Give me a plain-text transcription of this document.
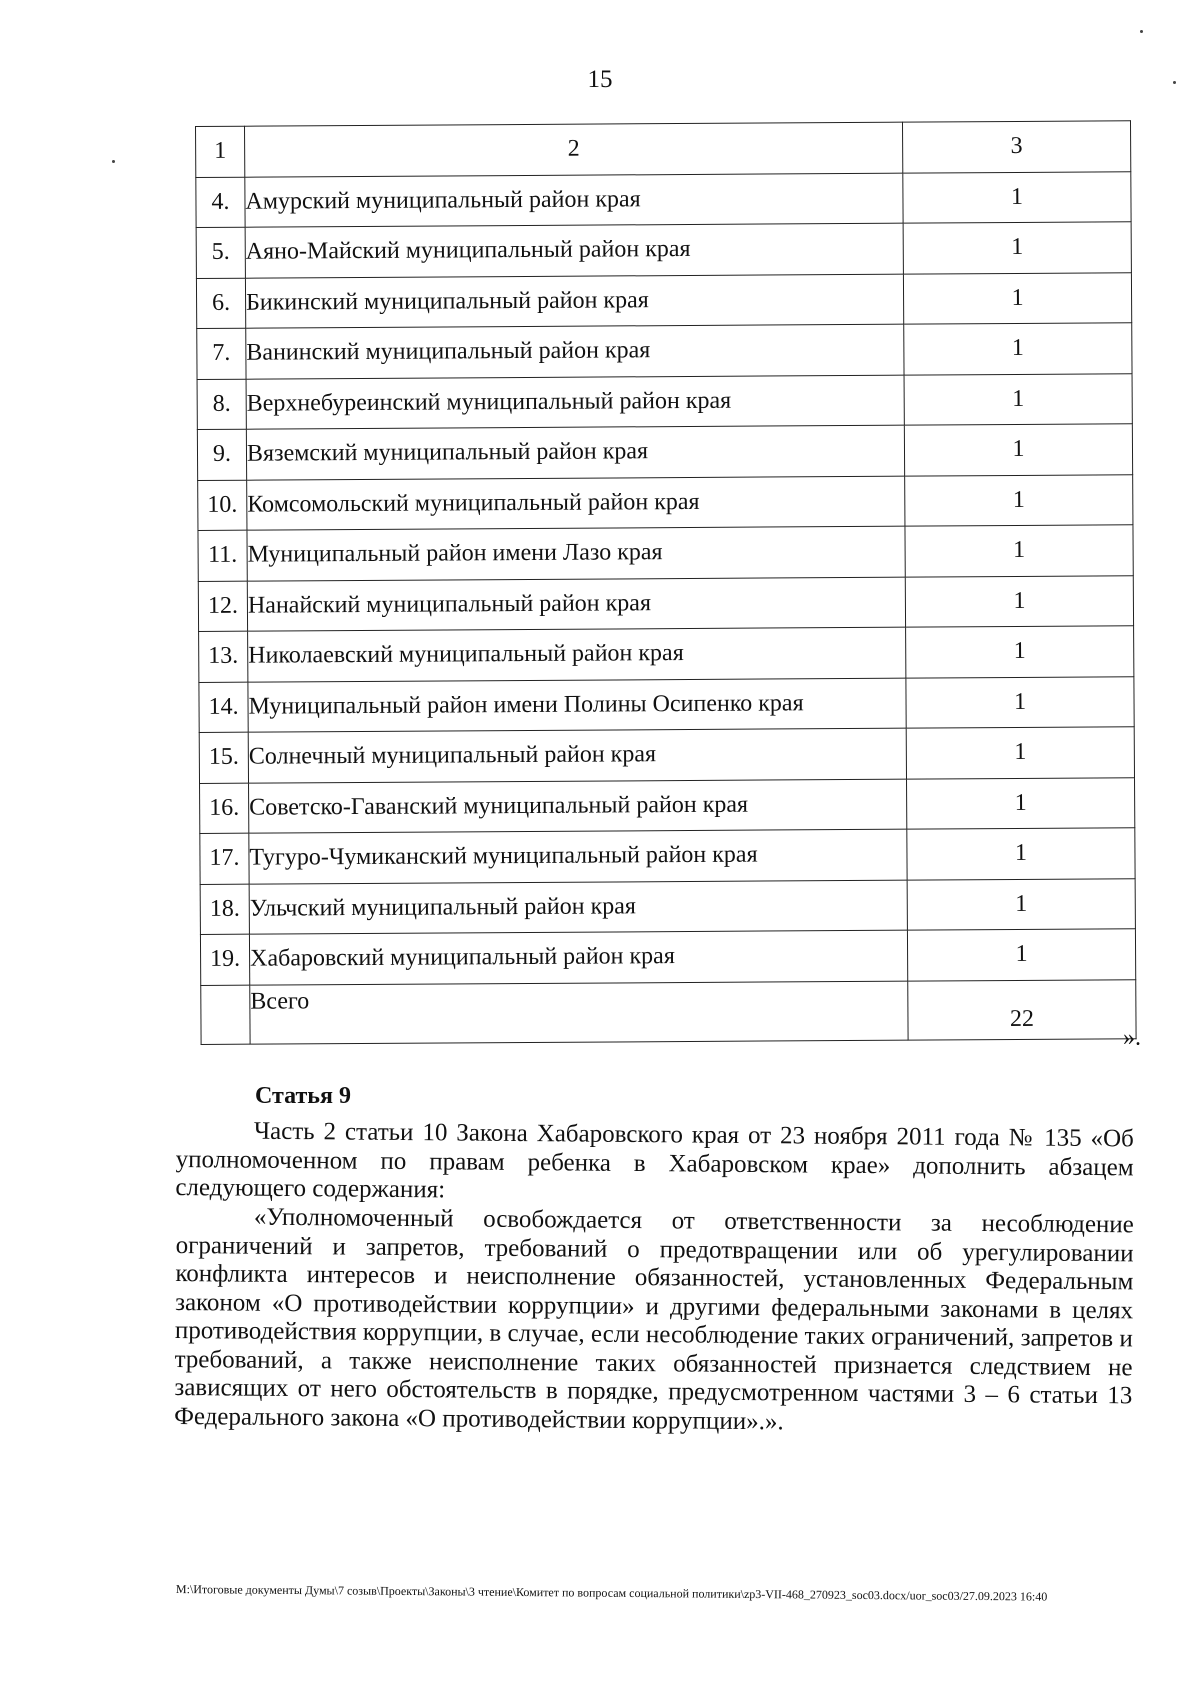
15
1	2	3
4.	Амурский муниципальный район края	1
5.	Аяно-Майский муниципальный район края	1
6.	Бикинский муниципальный район края	1
7.	Ванинский муниципальный район края	1
8.	Верхнебуреинский муниципальный район края	1
9.	Вяземский муниципальный район края	1
10.	Комсомольский муниципальный район края	1
11.	Муниципальный район имени Лазо края	1
12.	Нанайский муниципальный район края	1
13.	Николаевский муниципальный район края	1
14.	Муниципальный район имени Полины Осипенко края	1
15.	Солнечный муниципальный район края	1
16.	Советско-Гаванский муниципальный район края	1
17.	Тугуро-Чумиканский муниципальный район края	1
18.	Ульчский муниципальный район края	1
19.	Хабаровский муниципальный район края	1
	Всего	22
».
Статья 9
Часть 2 статьи 10 Закона Хабаровского края от 23 ноября 2011 года № 135 «Об уполномоченном по правам ребенка в Хабаровском крае» дополнить абзацем следующего содержания:
«Уполномоченный освобождается от ответственности за несоблюдение ограничений и запретов, требований о предотвращении или об урегулировании конфликта интересов и неисполнение обязанностей, установленных Федеральным законом «О противодействии коррупции» и другими федеральными законами в целях противодействия коррупции, в случае, если несоблюдение таких ограничений, запретов и требований, а также неисполнение таких обязанностей признается следствием не зависящих от него обстоятельств в порядке, предусмотренном частями 3 – 6 статьи 13 Федерального закона «О противодействии коррупции».».
M:\Итоговые документы Думы\7 созыв\Проекты\Законы\3 чтение\Комитет по вопросам социальной политики\zp3-VII-468_270923_soc03.docx/uor_soc03/27.09.2023 16:40
